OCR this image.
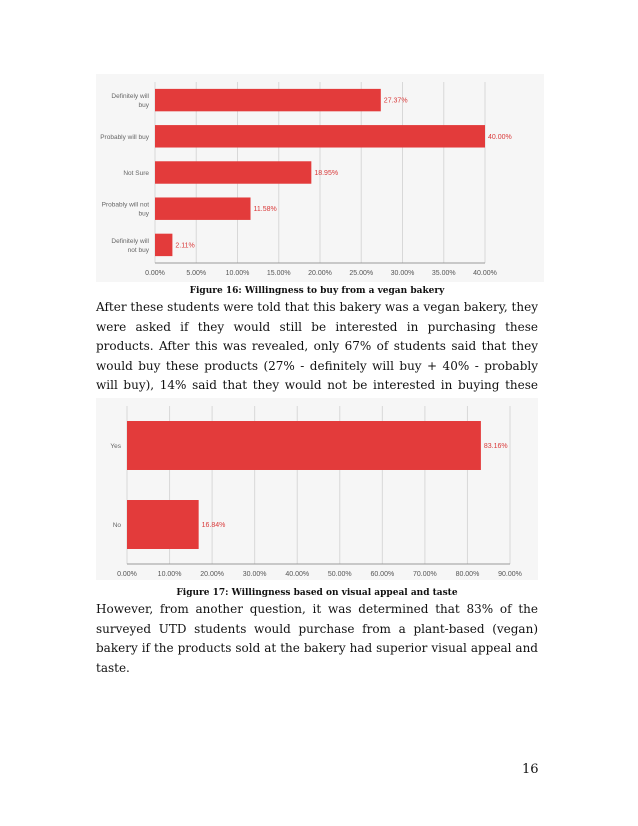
0.00%	5.00%	10.00%	15.00%	20.00%	25.00%	30.00%	35.00%	40.00%
27.37%
Definitely will buy
40.00%
Probably will buy
18.95%
Not Sure
11.58%
Probably will not buy
2.11%
Definitely will not buy
Figure 16: Willingness to buy from a vegan bakery

After these students were told that this bakery was a vegan bakery, they were asked if they would still be interested in purchasing these products. After this was revealed, only 67% of students said that they would buy these products (27% - definitely will buy + 40% - probably will buy), 14% said that they would not be interested in buying these

0.00%	10.00%	20.00%	30.00%	40.00%	50.00%	60.00%	70.00%	80.00%	90.00%
83.16%
Yes
16.84%
No
Figure 17: Willingness based on visual appeal and taste

However, from another question, it was determined that 83% of the surveyed UTD students would purchase from a plant-based (vegan) bakery if the products sold at the bakery had superior visual appeal and taste.

16
